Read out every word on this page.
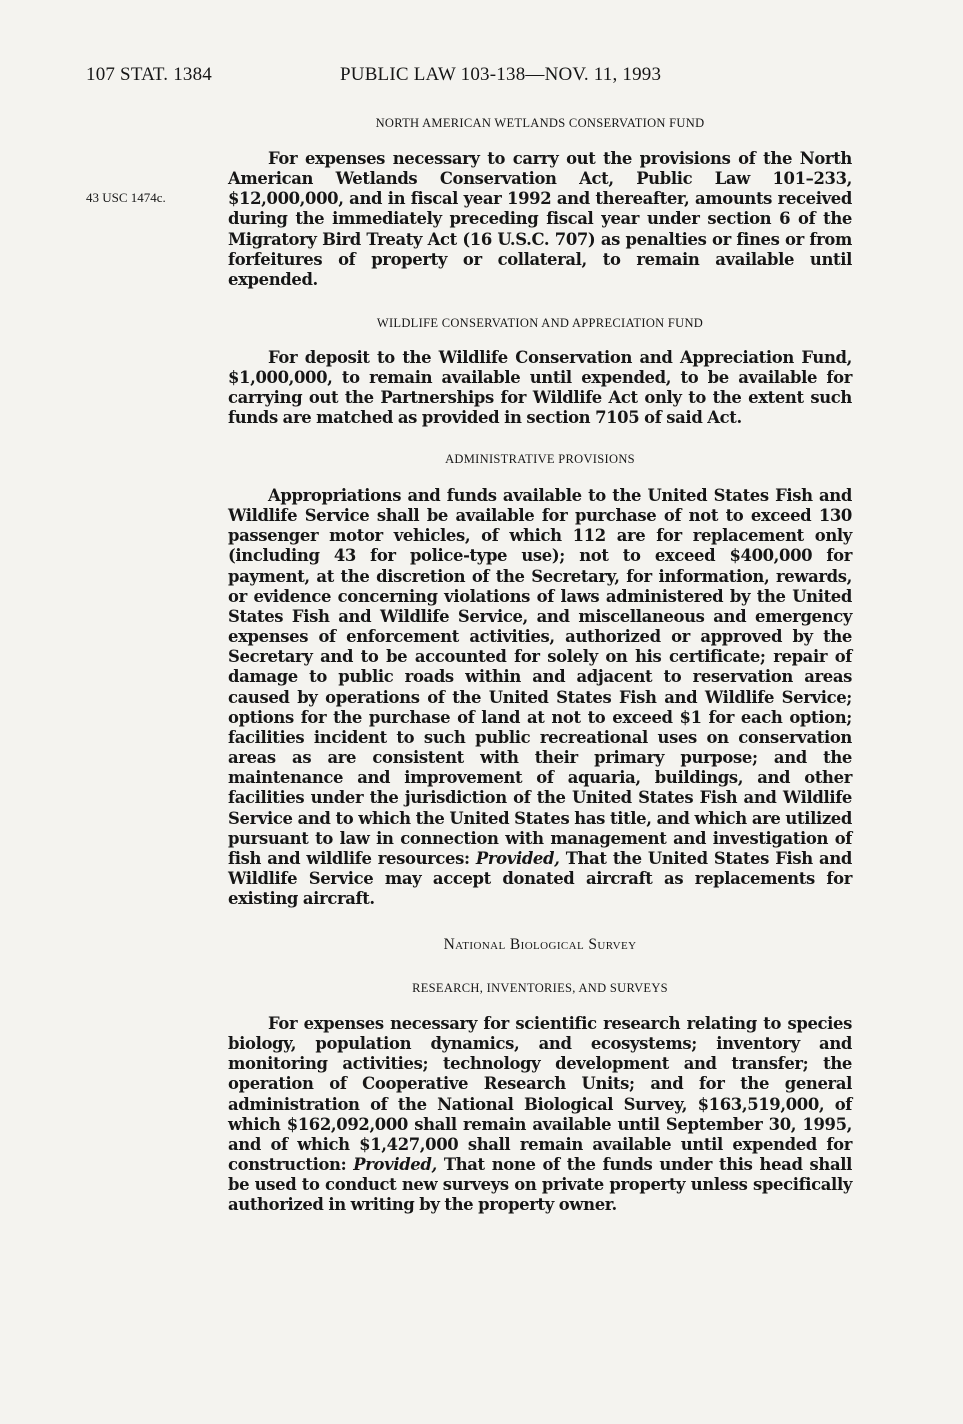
107 STAT. 1384	PUBLIC LAW 103-138—NOV. 11, 1993
NORTH AMERICAN WETLANDS CONSERVATION FUND
43 USC 1474c.
For expenses necessary to carry out the provisions of the North American Wetlands Conservation Act, Public Law 101–233, $12,000,000, and in fiscal year 1992 and thereafter, amounts received during the immediately preceding fiscal year under section 6 of the Migratory Bird Treaty Act (16 U.S.C. 707) as penalties or fines or from forfeitures of property or collateral, to remain available until expended.
WILDLIFE CONSERVATION AND APPRECIATION FUND
For deposit to the Wildlife Conservation and Appreciation Fund, $1,000,000, to remain available until expended, to be available for carrying out the Partnerships for Wildlife Act only to the extent such funds are matched as provided in section 7105 of said Act.
ADMINISTRATIVE PROVISIONS
Appropriations and funds available to the United States Fish and Wildlife Service shall be available for purchase of not to exceed 130 passenger motor vehicles, of which 112 are for replacement only (including 43 for police-type use); not to exceed $400,000 for payment, at the discretion of the Secretary, for information, rewards, or evidence concerning violations of laws administered by the United States Fish and Wildlife Service, and miscellaneous and emergency expenses of enforcement activities, authorized or approved by the Secretary and to be accounted for solely on his certificate; repair of damage to public roads within and adjacent to reservation areas caused by operations of the United States Fish and Wildlife Service; options for the purchase of land at not to exceed $1 for each option; facilities incident to such public recreational uses on conservation areas as are consistent with their primary purpose; and the maintenance and improvement of aquaria, buildings, and other facilities under the jurisdiction of the United States Fish and Wildlife Service and to which the United States has title, and which are utilized pursuant to law in connection with management and investigation of fish and wildlife resources: Provided, That the United States Fish and Wildlife Service may accept donated aircraft as replacements for existing aircraft.
National Biological Survey
RESEARCH, INVENTORIES, AND SURVEYS
For expenses necessary for scientific research relating to species biology, population dynamics, and ecosystems; inventory and monitoring activities; technology development and transfer; the operation of Cooperative Research Units; and for the general administration of the National Biological Survey, $163,519,000, of which $162,092,000 shall remain available until September 30, 1995, and of which $1,427,000 shall remain available until expended for construction: Provided, That none of the funds under this head shall be used to conduct new surveys on private property unless specifically authorized in writing by the property owner.
